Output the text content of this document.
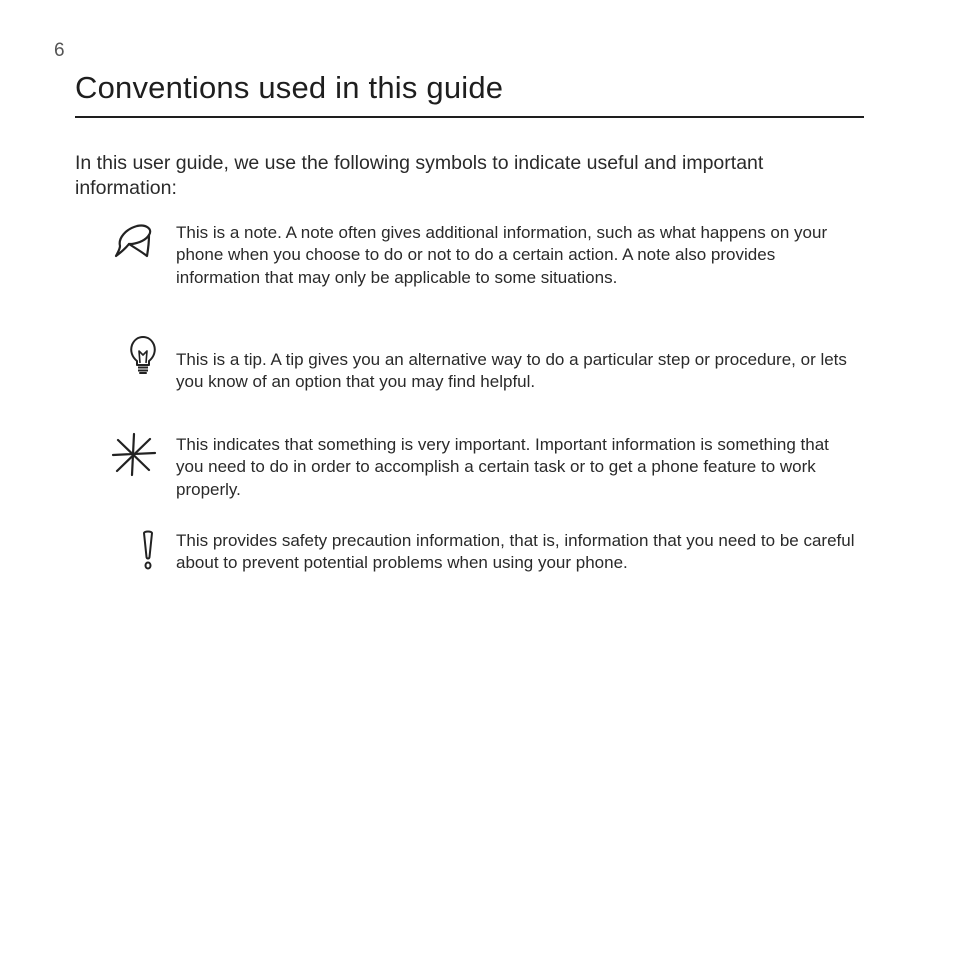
6
Conventions used in this guide

In this user guide, we use the following symbols to indicate useful and important information:

This is a note. A note often gives additional information, such as what happens on your phone when you choose to do or not to do a certain action. A note also provides information that may only be applicable to some situations.

This is a tip. A tip gives you an alternative way to do a particular step or procedure, or lets you know of an option that you may find helpful.

This indicates that something is very important. Important information is something that you need to do in order to accomplish a certain task or to get a phone feature to work properly.

This provides safety precaution information, that is, information that you need to be careful about to prevent potential problems when using your phone.
